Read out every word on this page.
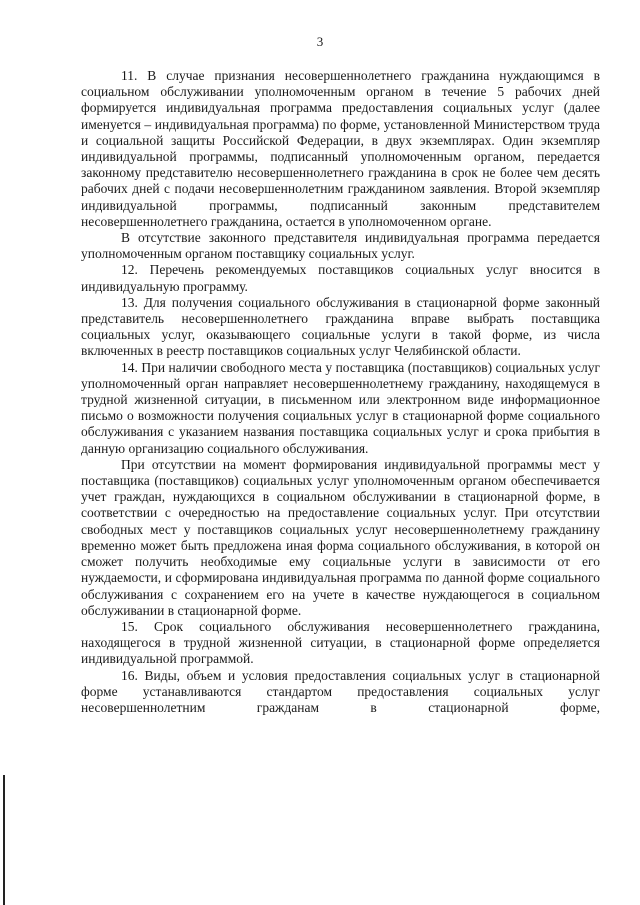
3

11. В случае признания несовершеннолетнего гражданина нуждающимся в социальном обслуживании уполномоченным органом в течение 5 рабочих дней формируется индивидуальная программа предоставления социальных услуг (далее именуется – индивидуальная программа) по форме, установленной Министерством труда и социальной защиты Российской Федерации, в двух экземплярах. Один экземпляр индивидуальной программы, подписанный уполномоченным органом, передается законному представителю несовершеннолетнего гражданина в срок не более чем десять рабочих дней с подачи несовершеннолетним гражданином заявления. Второй экземпляр индивидуальной программы, подписанный законным представителем несовершеннолетнего гражданина, остается в уполномоченном органе.

В отсутствие законного представителя индивидуальная программа передается уполномоченным органом поставщику социальных услуг.

12. Перечень рекомендуемых поставщиков социальных услуг вносится в индивидуальную программу.

13. Для получения социального обслуживания в стационарной форме законный представитель несовершеннолетнего гражданина вправе выбрать поставщика социальных услуг, оказывающего социальные услуги в такой форме, из числа включенных в реестр поставщиков социальных услуг Челябинской области.

14. При наличии свободного места у поставщика (поставщиков) социальных услуг уполномоченный орган направляет несовершеннолетнему гражданину, находящемуся в трудной жизненной ситуации, в письменном или электронном виде информационное письмо о возможности получения социальных услуг в стационарной форме социального обслуживания с указанием названия поставщика социальных услуг и срока прибытия в данную организацию социального обслуживания.

При отсутствии на момент формирования индивидуальной программы мест у поставщика (поставщиков) социальных услуг уполномоченным органом обеспечивается учет граждан, нуждающихся в социальном обслуживании в стационарной форме, в соответствии с очередностью на предоставление социальных услуг. При отсутствии свободных мест у поставщиков социальных услуг несовершеннолетнему гражданину временно может быть предложена иная форма социального обслуживания, в которой он сможет получить необходимые ему социальные услуги в зависимости от его нуждаемости, и сформирована индивидуальная программа по данной форме социального обслуживания с сохранением его на учете в качестве нуждающегося в социальном обслуживании в стационарной форме.

15. Срок социального обслуживания несовершеннолетнего гражданина, находящегося в трудной жизненной ситуации, в стационарной форме определяется индивидуальной программой.

16. Виды, объем и условия предоставления социальных услуг в стационарной форме устанавливаются стандартом предоставления социальных услуг несовершеннолетним гражданам в стационарной форме,
